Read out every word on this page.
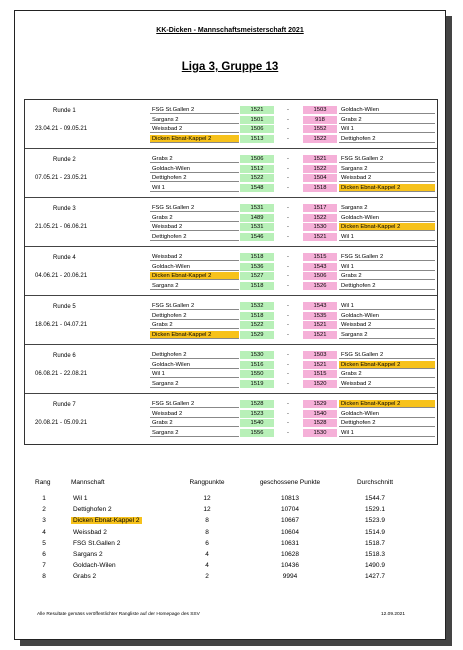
KK-Dicken - Mannschaftsmeisterschaft 2021
Liga 3, Gruppe 13
Runde 1
23.04.21 - 09.05.21
FSG St.Gallen 2	1521	-	1503	Goldach-Wilen
Sargans 2	1501	-	918	Grabs 2
Weissbad 2	1506	-	1552	Wil 1
Dicken Ebnat-Kappel 2	1513	-	1522	Dettighofen 2
Runde 2
07.05.21 - 23.05.21
Grabs 2	1506	-	1521	FSG St.Gallen 2
Goldach-Wilen	1512	-	1522	Sargans 2
Dettighofen 2	1522	-	1504	Weissbad 2
Wil 1	1548	-	1518	Dicken Ebnat-Kappel 2
Runde 3
21.05.21 - 06.06.21
FSG St.Gallen 2	1531	-	1517	Sargans 2
Grabs 2	1489	-	1522	Goldach-Wilen
Weissbad 2	1531	-	1530	Dicken Ebnat-Kappel 2
Dettighofen 2	1546	-	1521	Wil 1
Runde 4
04.06.21 - 20.06.21
Weissbad 2	1518	-	1515	FSG St.Gallen 2
Goldach-Wilen	1536	-	1543	Wil 1
Dicken Ebnat-Kappel 2	1527	-	1506	Grabs 2
Sargans 2	1518	-	1526	Dettighofen 2
Runde 5
18.06.21 - 04.07.21
FSG St.Gallen 2	1532	-	1543	Wil 1
Dettighofen 2	1518	-	1535	Goldach-Wilen
Grabs 2	1522	-	1521	Weissbad 2
Dicken Ebnat-Kappel 2	1529	-	1521	Sargans 2
Runde 6
06.08.21 - 22.08.21
Dettighofen 2	1530	-	1503	FSG St.Gallen 2
Goldach-Wilen	1516	-	1521	Dicken Ebnat-Kappel 2
Wil 1	1550	-	1515	Grabs 2
Sargans 2	1519	-	1520	Weissbad 2
Runde 7
20.08.21 - 05.09.21
FSG St.Gallen 2	1528	-	1529	Dicken Ebnat-Kappel 2
Weissbad 2	1523	-	1540	Goldach-Wilen
Grabs 2	1540	-	1528	Dettighofen 2
Sargans 2	1556	-	1530	Wil 1
Rang	Mannschaft	Rangpunkte	geschossene Punkte	Durchschnitt
1	Wil 1	12	10813	1544.7
2	Dettighofen 2	12	10704	1529.1
3	Dicken Ebnat-Kappel 2	8	10667	1523.9
4	Weissbad 2	8	10604	1514.9
5	FSG St.Gallen 2	6	10631	1518.7
6	Sargans 2	4	10628	1518.3
7	Goldach-Wilen	4	10436	1490.9
8	Grabs 2	2	9994	1427.7
Alle Resultate gemäss veröffentlichter Rangliste auf der Homepage des SSV	12.09.2021
